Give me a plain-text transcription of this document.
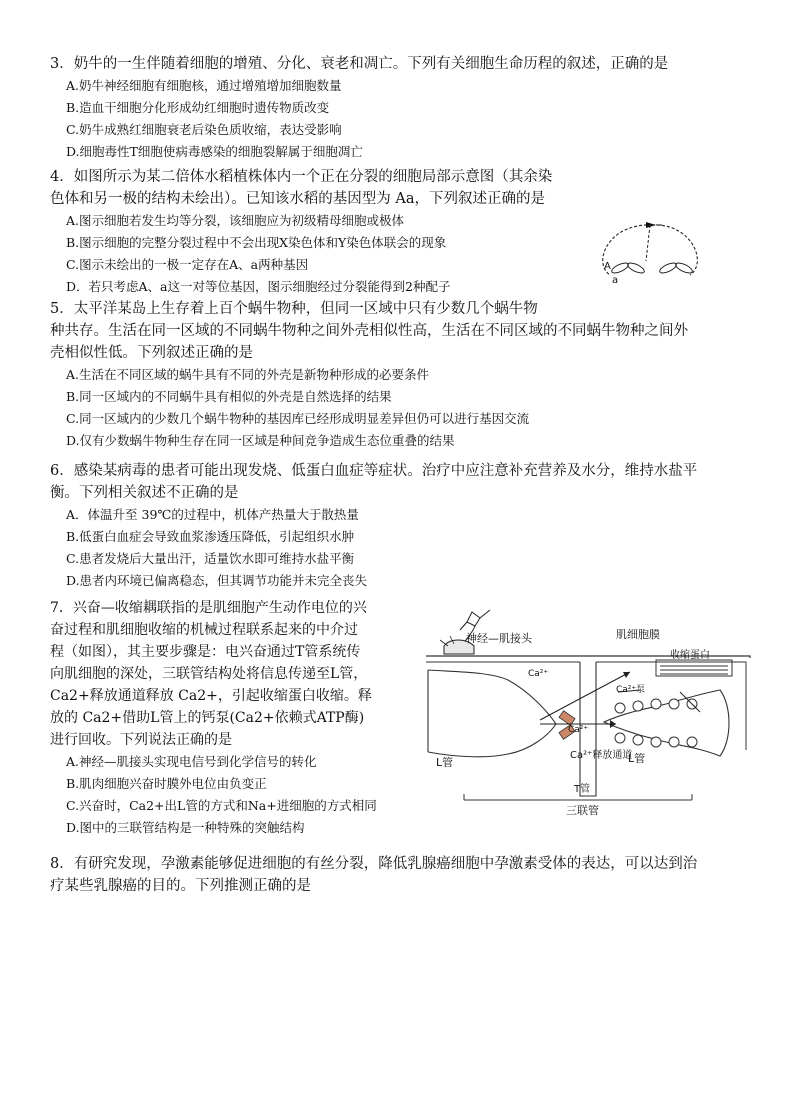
3．奶牛的一生伴随着细胞的增殖、分化、衰老和凋亡。下列有关细胞生命历程的叙述，正确的是

A.奶牛神经细胞有细胞核，通过增殖增加细胞数量

B.造血干细胞分化形成幼红细胞时遗传物质改变

C.奶牛成熟红细胞衰老后染色质收缩，表达受影响

D.细胞毒性T细胞使病毒感染的细胞裂解属于细胞凋亡

4．如图所示为某二倍体水稻植株体内一个正在分裂的细胞局部示意图（其余染

色体和另一极的结构未绘出）。已知该水稻的基因型为 Aa，下列叙述正确的是

A.图示细胞若发生均等分裂，该细胞应为初级精母细胞或极体

B.图示细胞的完整分裂过程中不会出现X染色体和Y染色体联会的现象

C.图示未绘出的一极一定存在A、a两种基因

D．若只考虑A、a这一对等位基因，图示细胞经过分裂能得到2种配子

A
a

5．太平洋某岛上生存着上百个蜗牛物种，但同一区域中只有少数几个蜗牛物

种共存。生活在同一区域的不同蜗牛物种之间外壳相似性高，生活在不同区域的不同蜗牛物种之间外

壳相似性低。下列叙述正确的是

A.生活在不同区域的蜗牛具有不同的外壳是新物种形成的必要条件

B.同一区域内的不同蜗牛具有相似的外壳是自然选择的结果

C.同一区域内的少数几个蜗牛物种的基因库已经形成明显差异但仍可以进行基因交流

D.仅有少数蜗牛物种生存在同一区域是种间竞争造成生态位重叠的结果

6．感染某病毒的患者可能出现发烧、低蛋白血症等症状。治疗中应注意补充营养及水分，维持水盐平

衡。下列相关叙述不正确的是

A．体温升至 39℃的过程中，机体产热量大于散热量

B.低蛋白血症会导致血浆渗透压降低，引起组织水肿

C.患者发烧后大量出汗，适量饮水即可维持水盐平衡

D.患者内环境已偏离稳态，但其调节功能并未完全丧失

7．兴奋—收缩耦联指的是肌细胞产生动作电位的兴

奋过程和肌细胞收缩的机械过程联系起来的中介过

程（如图），其主要步骤是：电兴奋通过T管系统传

向肌细胞的深处，三联管结构处将信息传递至L管，

Ca2+释放通道释放 Ca2+，引起收缩蛋白收缩。释

放的 Ca2+借助L管上的钙泵(Ca2+依赖式ATP酶)

进行回收。下列说法正确的是

A.神经—肌接头实现电信号到化学信号的转化

B.肌肉细胞兴奋时膜外电位由负变正

C.兴奋时，Ca2+出L管的方式和Na+进细胞的方式相同

D.图中的三联管结构是一种特殊的突触结构

神经—肌接头	肌细胞膜
收缩蛋白
Ca²⁺
Ca²⁺泵
Ca²⁺
L管
Ca²⁺释放通道
L管
T管
三联管

8．有研究发现，孕激素能够促进细胞的有丝分裂，降低乳腺癌细胞中孕激素受体的表达，可以达到治

疗某些乳腺癌的目的。下列推测正确的是
